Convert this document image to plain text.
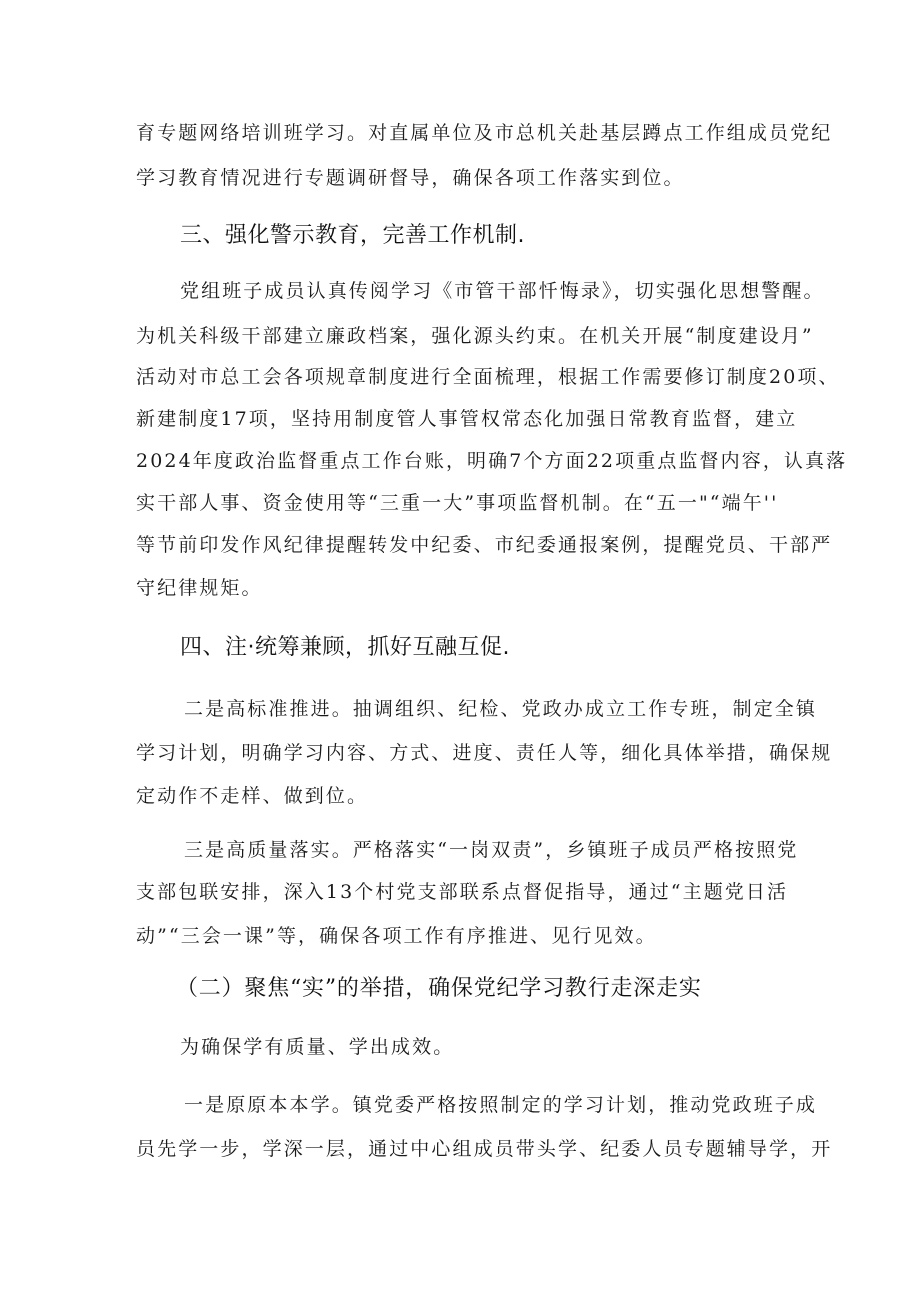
育专题网络培训班学习。对直属单位及市总机关赴基层蹲点工作组成员党纪
学习教育情况进行专题调研督导，确保各项工作落实到位。
三、强化警示教育，完善工作机制.
党组班子成员认真传阅学习《市管干部忏悔录》，切实强化思想警醒。
为机关科级干部建立廉政档案，强化源头约束。在机关开展“制度建设月”
活动对市总工会各项规章制度进行全面梳理，根据工作需要修订制度20项、
新建制度17项，坚持用制度管人事管权常态化加强日常教育监督，建立
2024年度政治监督重点工作台账，明确7个方面22项重点监督内容，认真落
实干部人事、资金使用等“三重一大”事项监督机制。在“五一"“端午''
等节前印发作风纪律提醒转发中纪委、市纪委通报案例，提醒党员、干部严
守纪律规矩。
四、注·统筹兼顾，抓好互融互促.
二是高标准推进。抽调组织、纪检、党政办成立工作专班，制定全镇
学习计划，明确学习内容、方式、进度、责任人等，细化具体举措，确保规
定动作不走样、做到位。
三是高质量落实。严格落实“一岗双责”，乡镇班子成员严格按照党
支部包联安排，深入13个村党支部联系点督促指导，通过“主题党日活
动”“三会一课”等，确保各项工作有序推进、见行见效。
（二）聚焦“实”的举措，确保党纪学习教行走深走实
为确保学有质量、学出成效。
一是原原本本学。镇党委严格按照制定的学习计划，推动党政班子成
员先学一步，学深一层，通过中心组成员带头学、纪委人员专题辅导学，开
